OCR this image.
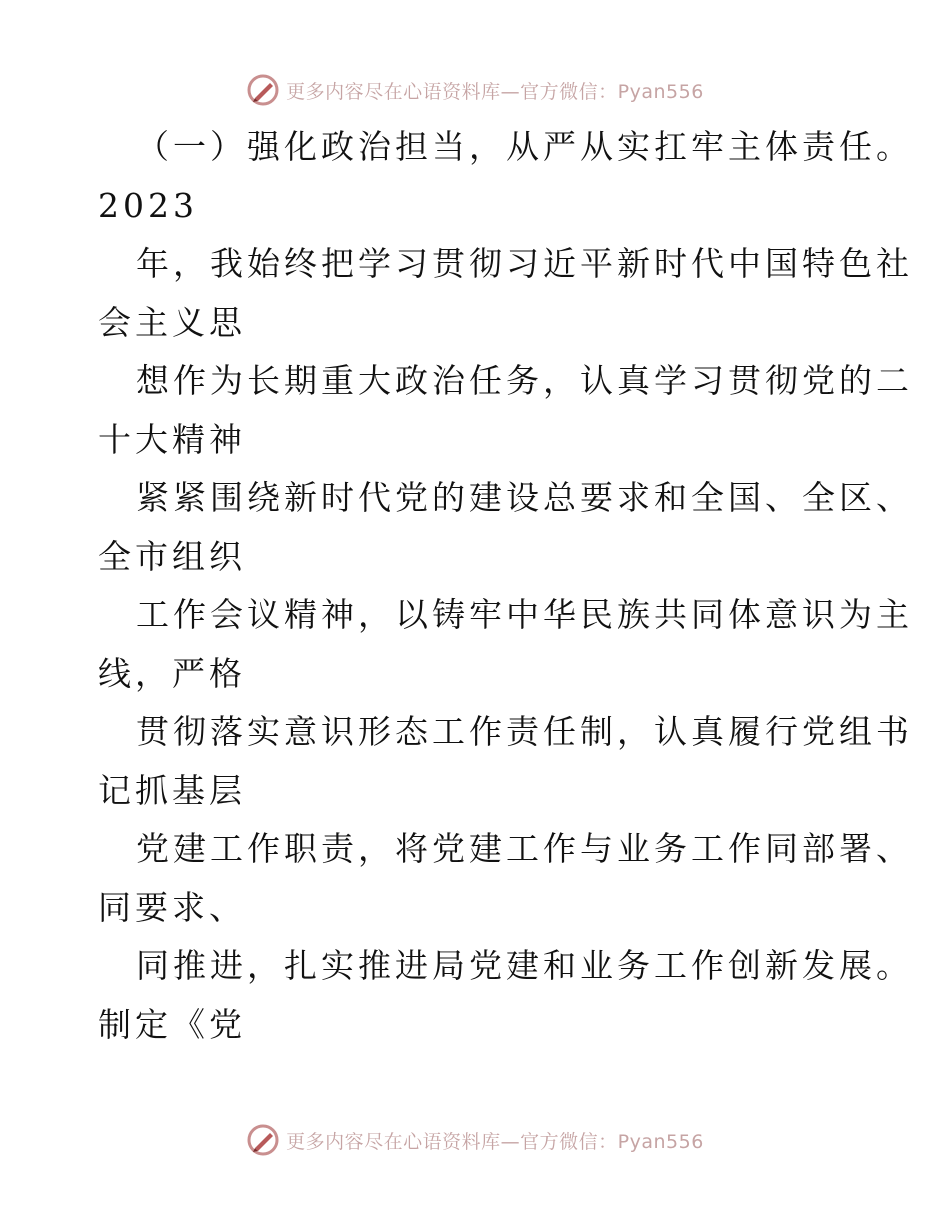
更多内容尽在心语资料库—官方微信：Pyan556
（一）强化政治担当，从严从实扛牢主体责任。
2023
年，我始终把学习贯彻习近平新时代中国特色社
会主义思
想作为长期重大政治任务，认真学习贯彻党的二
十大精神
紧紧围绕新时代党的建设总要求和全国、全区、
全市组织
工作会议精神，以铸牢中华民族共同体意识为主
线，严格
贯彻落实意识形态工作责任制，认真履行党组书
记抓基层
党建工作职责，将党建工作与业务工作同部署、
同要求、
同推进，扎实推进局党建和业务工作创新发展。
制定《党
更多内容尽在心语资料库—官方微信：Pyan556
